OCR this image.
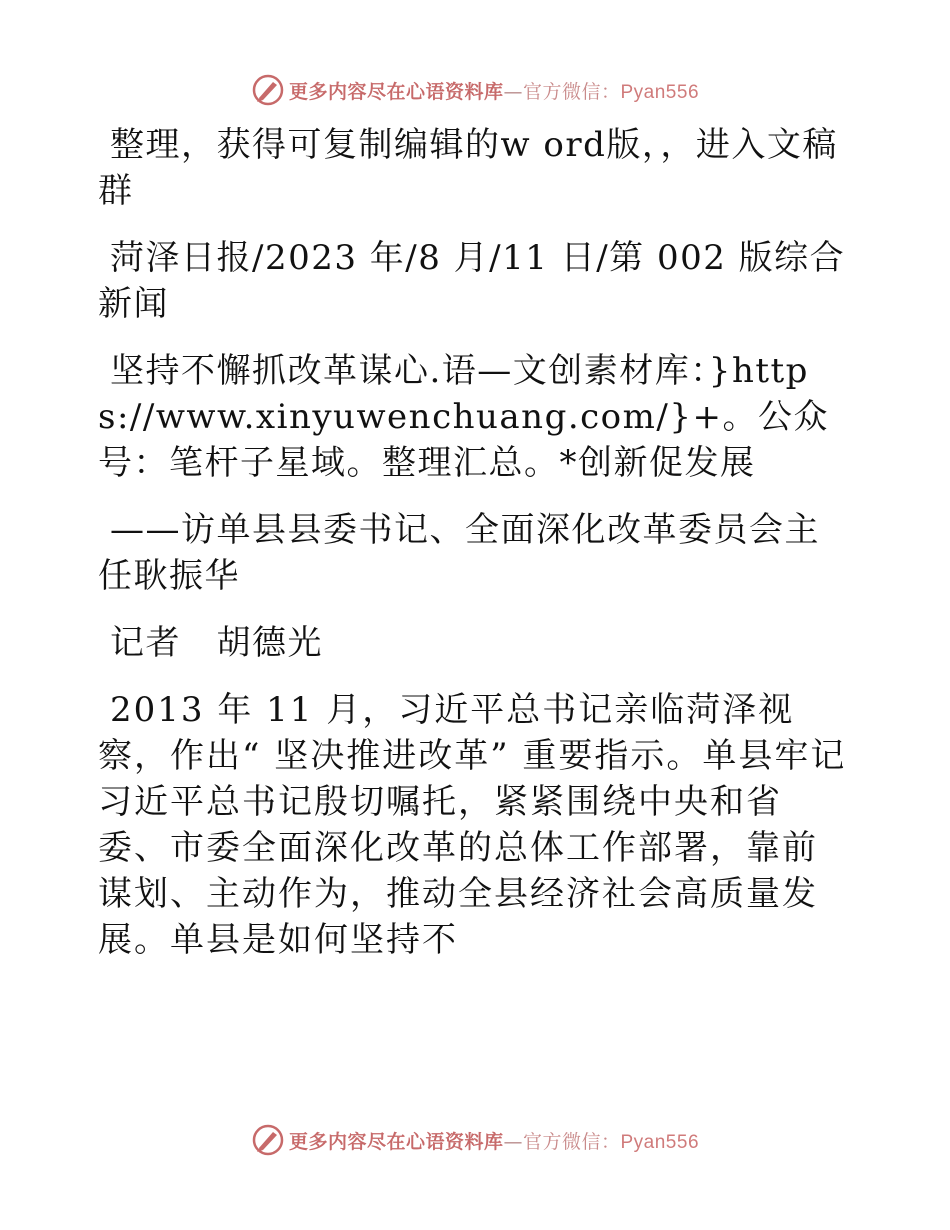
更多内容尽在心语资料库—官方微信：Pyan556

整理，获得可复制编辑的w ord版，，进入文稿群

菏泽日报/2023 年/8 月/11 日/第 002 版综合新闻

坚持不懈抓改革谋心.语—文创素材库：}https://www.xinyuwenchuang.com/}+。公众号：笔杆子星域。整理汇总。*创新促发展

——访单县县委书记、全面深化改革委员会主任耿振华

记者　胡德光

2013 年 11 月，习近平总书记亲临菏泽视察，作出“ 坚决推进改革” 重要指示。单县牢记习近平总书记殷切嘱托，紧紧围绕中央和省委、市委全面深化改革的总体工作部署，靠前谋划、主动作为，推动全县经济社会高质量发展。单县是如何坚持不

更多内容尽在心语资料库—官方微信：Pyan556
